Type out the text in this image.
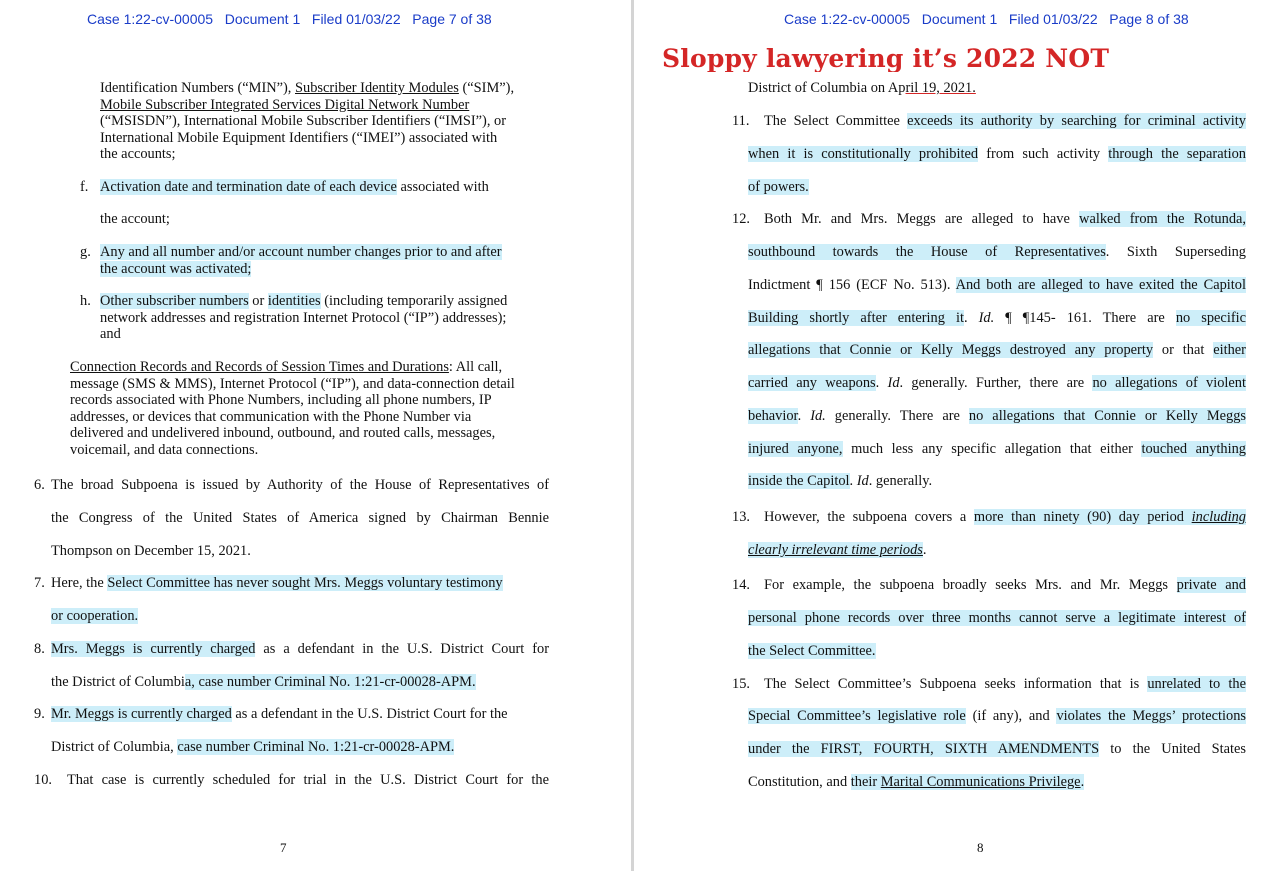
Case 1:22-cv-00005   Document 1   Filed 01/03/22   Page 7 of 38
Identification Numbers (“MIN”), Subscriber Identity Modules (“SIM”),
Mobile Subscriber Integrated Services Digital Network Number
(“MSISDN”), International Mobile Subscriber Identifiers (“IMSI”), or
International Mobile Equipment Identifiers (“IMEI”) associated with
the accounts;
f. Activation date and termination date of each device associated with
the account;
g. Any and all number and/or account number changes prior to and after
the account was activated;
h. Other subscriber numbers or identities (including temporarily assigned
network addresses and registration Internet Protocol (“IP”) addresses);
and
Connection Records and Records of Session Times and Durations: All call,
message (SMS & MMS), Internet Protocol (“IP”), and data-connection detail
records associated with Phone Numbers, including all phone numbers, IP
addresses, or devices that communication with the Phone Number via
delivered and undelivered inbound, outbound, and routed calls, messages,
voicemail, and data connections.
6. The broad Subpoena is issued by Authority of the House of Representatives of
the Congress of the United States of America signed by Chairman Bennie
Thompson on December 15, 2021.
7. Here, the Select Committee has never sought Mrs. Meggs voluntary testimony
or cooperation.
8. Mrs. Meggs is currently charged as a defendant in the U.S. District Court for
the District of Columbia, case number Criminal No. 1:21-cr-00028-APM.
9. Mr. Meggs is currently charged as a defendant in the U.S. District Court for the
District of Columbia, case number Criminal No. 1:21-cr-00028-APM.
10. That case is currently scheduled for trial in the U.S. District Court for the
7
Case 1:22-cv-00005   Document 1   Filed 01/03/22   Page 8 of 38
Sloppy lawyering it’s 2022 NOT
District of Columbia on April 19, 2021.
11. The Select Committee exceeds its authority by searching for criminal activity
when it is constitutionally prohibited from such activity through the separation
of powers.
12. Both Mr. and Mrs. Meggs are alleged to have walked from the Rotunda,
southbound towards the House of Representatives. Sixth Superseding
Indictment ¶ 156 (ECF No. 513). And both are alleged to have exited the Capitol
Building shortly after entering it. Id. ¶ ¶145- 161. There are no specific
allegations that Connie or Kelly Meggs destroyed any property or that either
carried any weapons. Id. generally. Further, there are no allegations of violent
behavior. Id. generally. There are no allegations that Connie or Kelly Meggs
injured anyone, much less any specific allegation that either touched anything
inside the Capitol. Id. generally.
13. However, the subpoena covers a more than ninety (90) day period including
clearly irrelevant time periods.
14. For example, the subpoena broadly seeks Mrs. and Mr. Meggs private and
personal phone records over three months cannot serve a legitimate interest of
the Select Committee.
15. The Select Committee’s Subpoena seeks information that is unrelated to the
Special Committee’s legislative role (if any), and violates the Meggs’ protections
under the FIRST, FOURTH, SIXTH AMENDMENTS to the United States
Constitution, and their Marital Communications Privilege.
8
